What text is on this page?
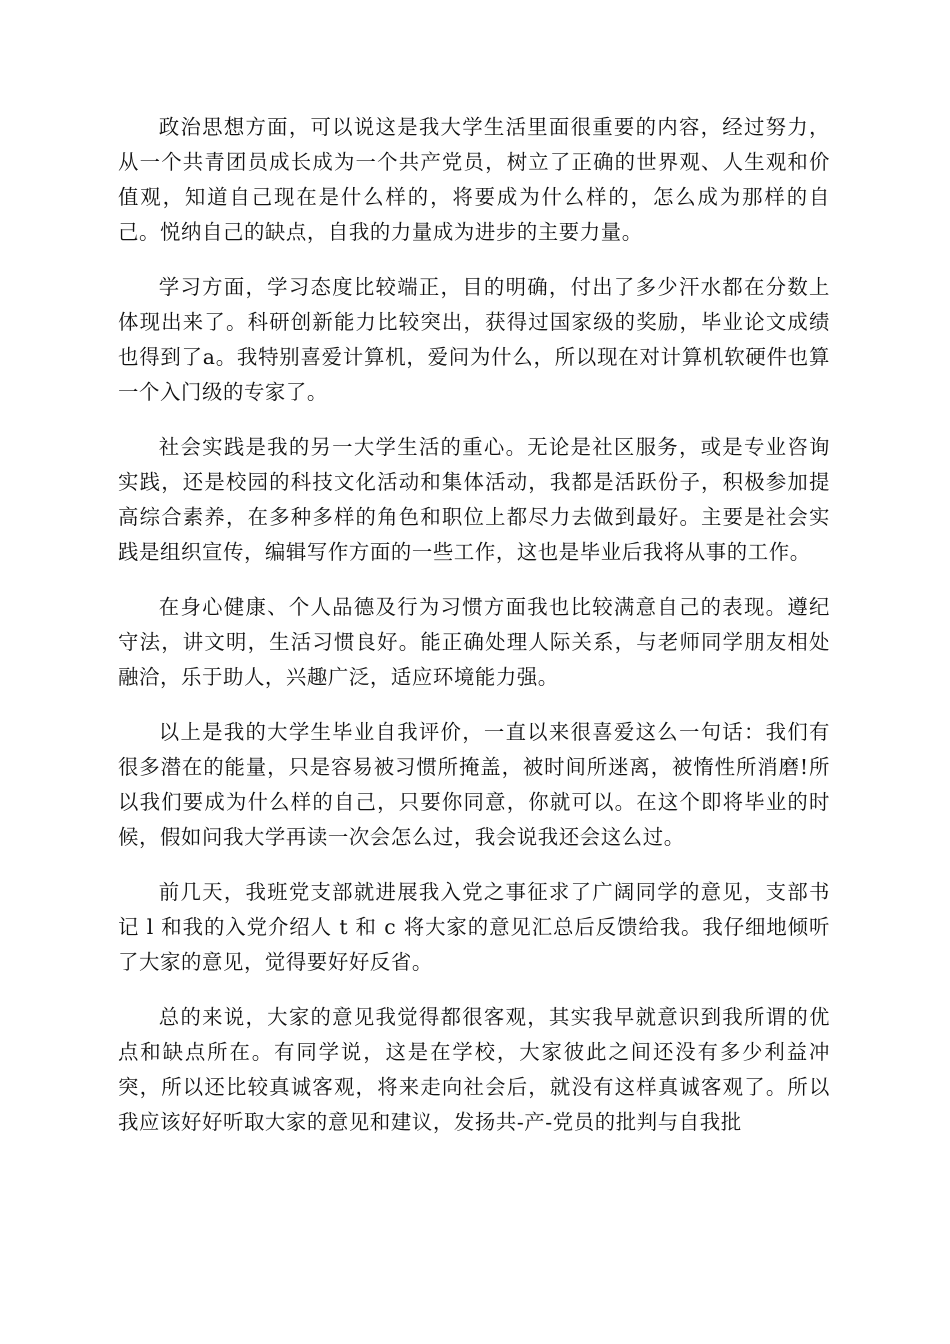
政治思想方面，可以说这是我大学生活里面很重要的内容，经过努力，从一个共青团员成长成为一个共产党员，树立了正确的世界观、人生观和价值观，知道自己现在是什么样的，将要成为什么样的，怎么成为那样的自己。悦纳自己的缺点，自我的力量成为进步的主要力量。

学习方面，学习态度比较端正，目的明确，付出了多少汗水都在分数上体现出来了。科研创新能力比较突出，获得过国家级的奖励，毕业论文成绩也得到了a。我特别喜爱计算机，爱问为什么，所以现在对计算机软硬件也算一个入门级的专家了。

社会实践是我的另一大学生活的重心。无论是社区服务，或是专业咨询实践，还是校园的科技文化活动和集体活动，我都是活跃份子，积极参加提高综合素养，在多种多样的角色和职位上都尽力去做到最好。主要是社会实践是组织宣传，编辑写作方面的一些工作，这也是毕业后我将从事的工作。

在身心健康、个人品德及行为习惯方面我也比较满意自己的表现。遵纪守法，讲文明，生活习惯良好。能正确处理人际关系，与老师同学朋友相处融洽，乐于助人，兴趣广泛，适应环境能力强。

以上是我的大学生毕业自我评价，一直以来很喜爱这么一句话：我们有很多潜在的能量，只是容易被习惯所掩盖，被时间所迷离，被惰性所消磨!所以我们要成为什么样的自己，只要你同意，你就可以。在这个即将毕业的时候，假如问我大学再读一次会怎么过，我会说我还会这么过。

前几天，我班党支部就进展我入党之事征求了广阔同学的意见，支部书记 l 和我的入党介绍人 t 和 c 将大家的意见汇总后反馈给我。我仔细地倾听了大家的意见，觉得要好好反省。

总的来说，大家的意见我觉得都很客观，其实我早就意识到我所谓的优点和缺点所在。有同学说，这是在学校，大家彼此之间还没有多少利益冲突，所以还比较真诚客观，将来走向社会后，就没有这样真诚客观了。所以我应该好好听取大家的意见和建议，发扬共-产-党员的批判与自我批
